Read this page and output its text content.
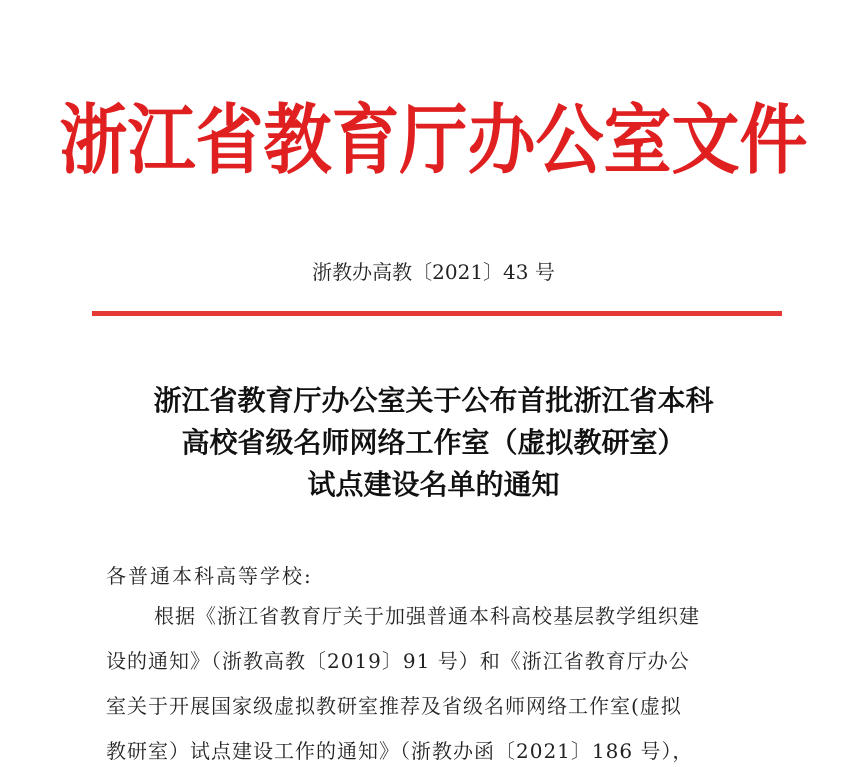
浙江省教育厅办公室文件
浙教办高教〔2021〕43 号
浙江省教育厅办公室关于公布首批浙江省本科
高校省级名师网络工作室（虚拟教研室）
试点建设名单的通知
各普通本科高等学校:
根据《浙江省教育厅关于加强普通本科高校基层教学组织建
设的通知》（浙教高教〔2019〕91 号）和《浙江省教育厅办公
室关于开展国家级虚拟教研室推荐及省级名师网络工作室(虚拟
教研室）试点建设工作的通知》（浙教办函〔2021〕186 号），
